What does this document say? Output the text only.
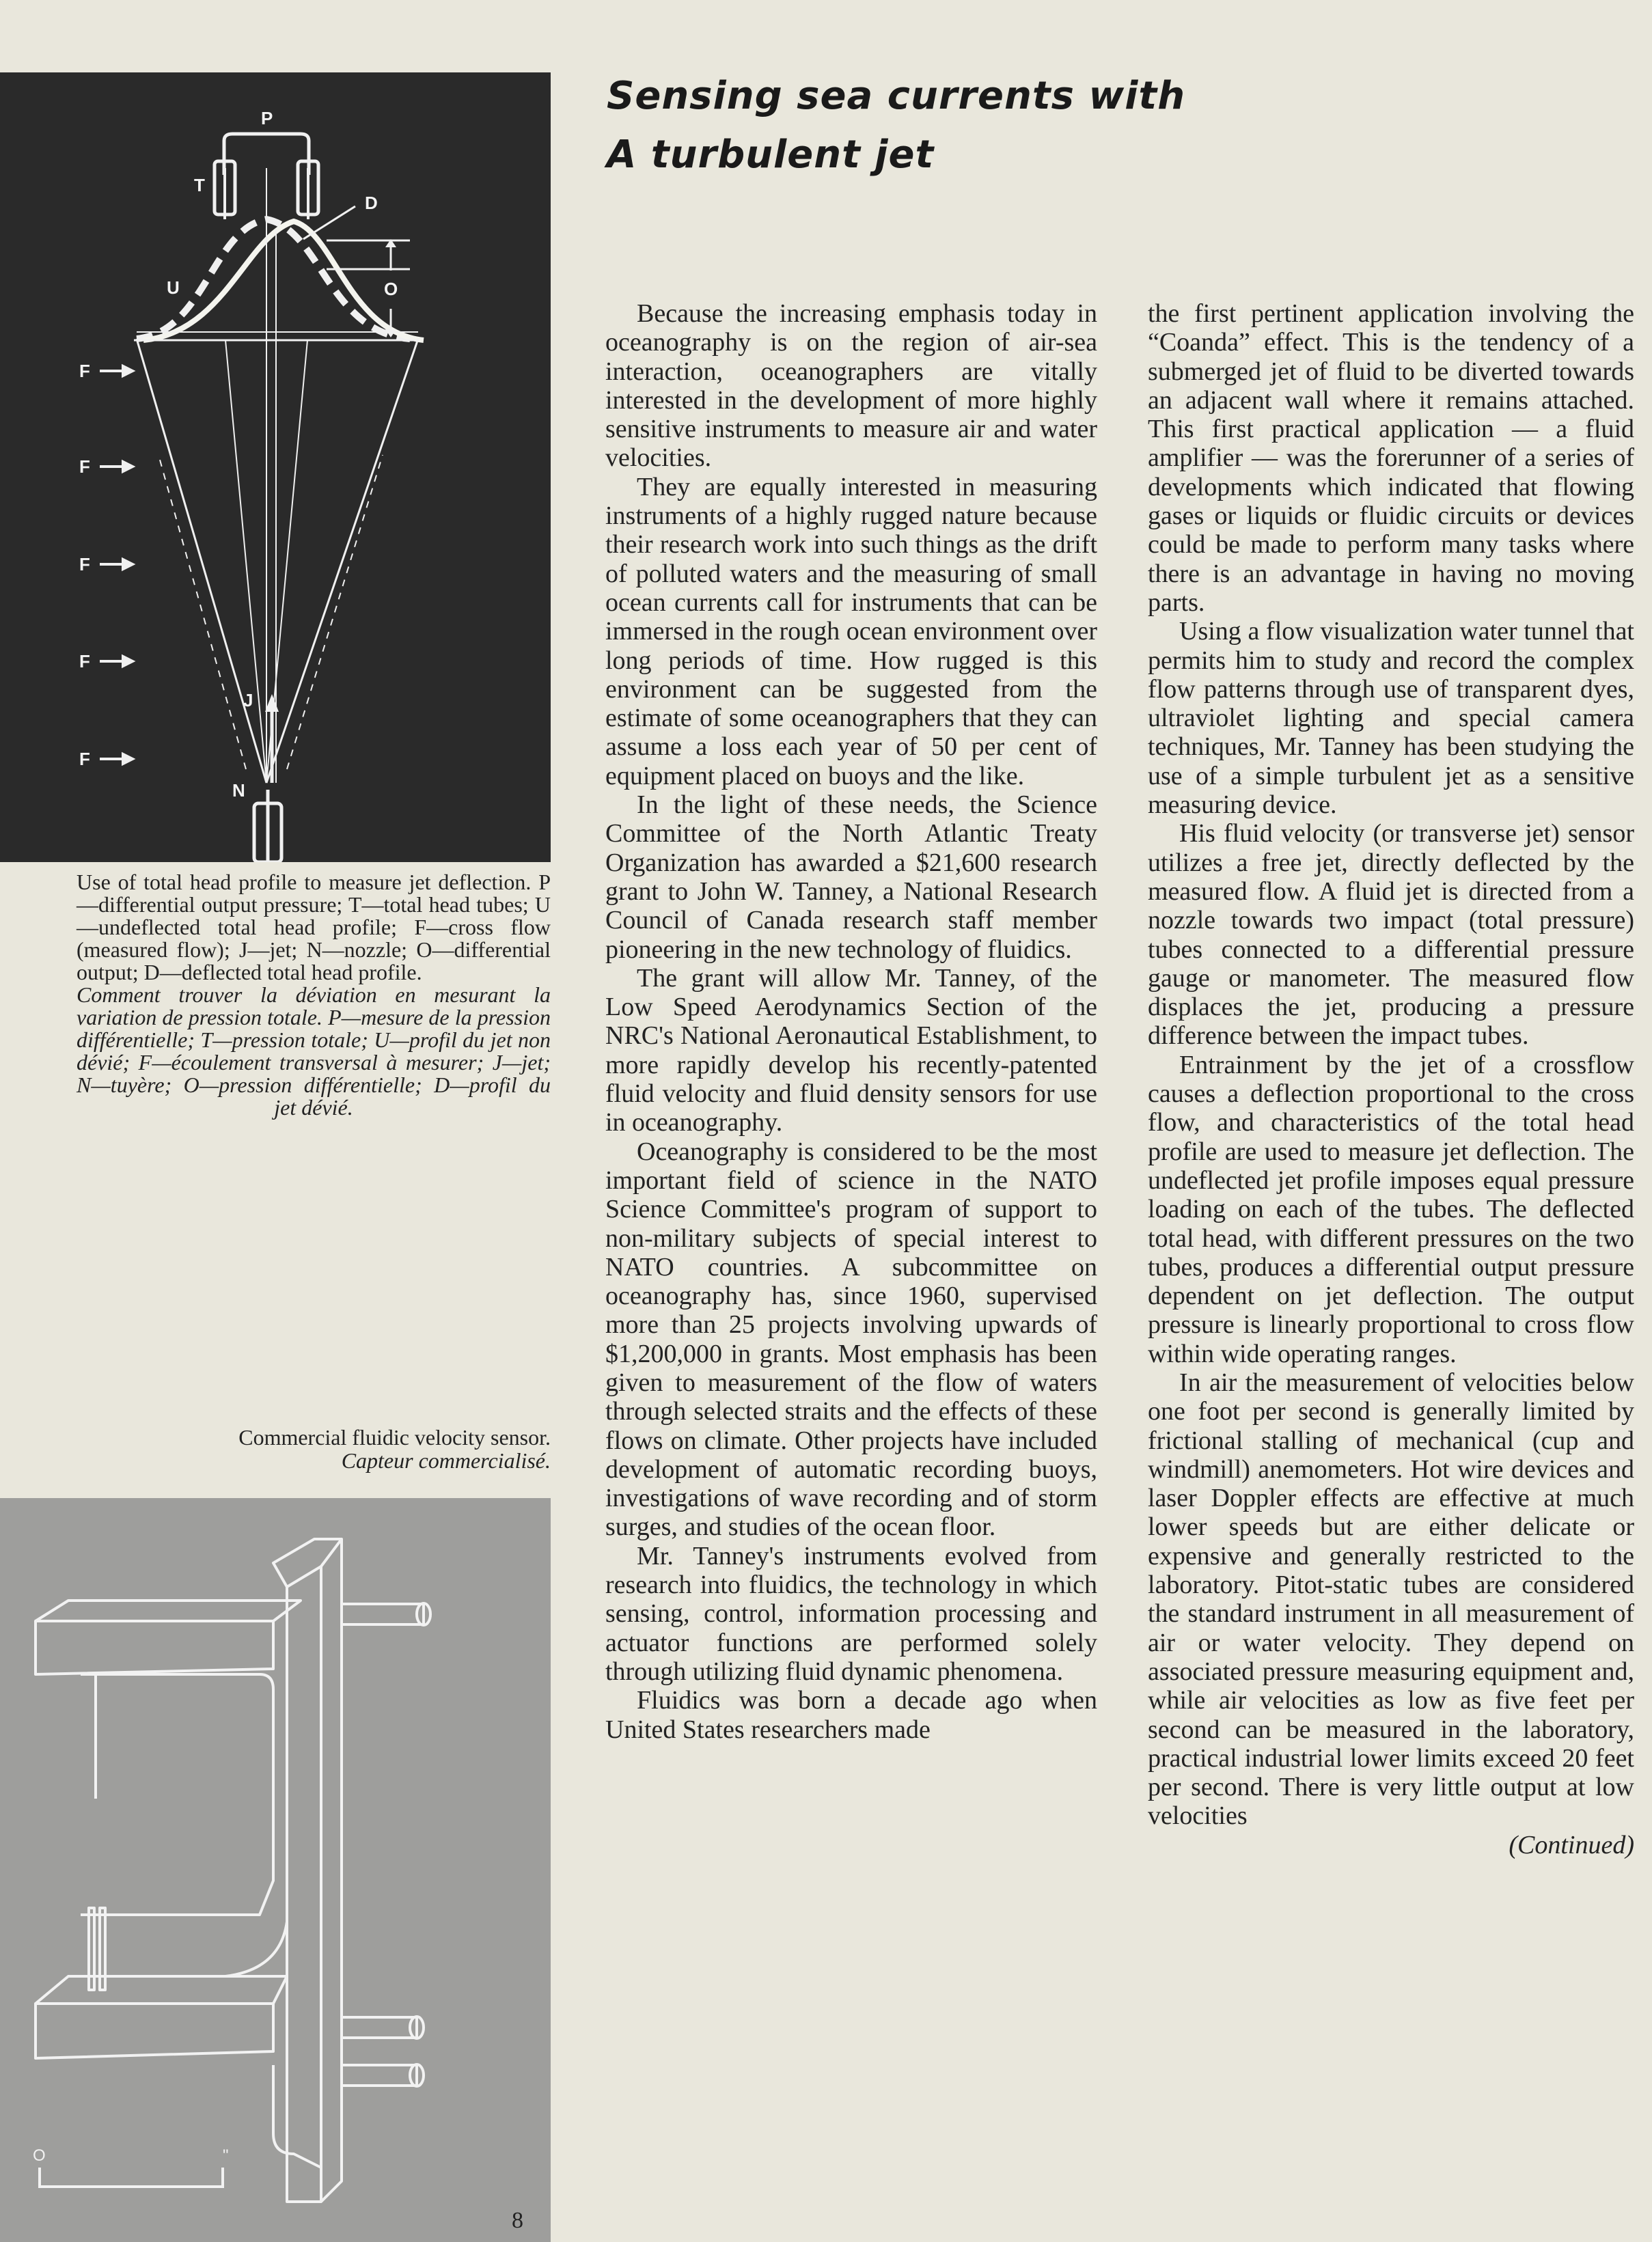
P
T
D
U	O
F
F
F
F
F
J
N

Use of total head profile to measure jet deflection. P—differential output pressure; T—total head tubes; U—undeflected total head profile; F—cross flow (measured flow); J—jet; N—nozzle; O—differential output; D—deflected total head profile.

Comment trouver la déviation en mesurant la variation de pression totale. P—mesure de la pression différentielle; T—pression totale; U—profil du jet non dévié; F—écoulement transversal à mesurer; J—jet; N—tuyère; O—pression différentielle; D—profil du jet dévié.

Commercial fluidic velocity sensor.

Capteur commercialisé.

O	"
8
Sensing sea currents with
A turbulent jet

Because the increasing emphasis today in oceanography is on the region of air-sea interaction, oceanographers are vitally interested in the development of more highly sensitive instruments to measure air and water velocities.

They are equally interested in measuring instruments of a highly rugged nature because their research work into such things as the drift of polluted waters and the measuring of small ocean currents call for instruments that can be immersed in the rough ocean environment over long periods of time. How rugged is this environment can be suggested from the estimate of some oceanographers that they can assume a loss each year of 50 per cent of equipment placed on buoys and the like.

In the light of these needs, the Science Committee of the North Atlantic Treaty Organization has awarded a $21,600 research grant to John W. Tanney, a National Research Council of Canada research staff member pioneering in the new technology of fluidics.

The grant will allow Mr. Tanney, of the Low Speed Aerodynamics Section of the NRC's National Aeronautical Establishment, to more rapidly develop his recently-patented fluid velocity and fluid density sensors for use in oceanography.

Oceanography is considered to be the most important field of science in the NATO Science Committee's program of support to non-military subjects of special interest to NATO countries. A subcommittee on oceanography has, since 1960, supervised more than 25 projects involving upwards of $1,200,000 in grants. Most emphasis has been given to measurement of the flow of waters through selected straits and the effects of these flows on climate. Other projects have included development of automatic recording buoys, investigations of wave recording and of storm surges, and studies of the ocean floor.

Mr. Tanney's instruments evolved from research into fluidics, the technology in which sensing, control, information processing and actuator functions are performed solely through utilizing fluid dynamic phenomena.

Fluidics was born a decade ago when United States researchers made

the first pertinent application involving the “Coanda” effect. This is the tendency of a submerged jet of fluid to be diverted towards an adjacent wall where it remains attached. This first practical application — a fluid amplifier — was the forerunner of a series of developments which indicated that flowing gases or liquids or fluidic circuits or devices could be made to perform many tasks where there is an advantage in having no moving parts.

Using a flow visualization water tunnel that permits him to study and record the complex flow patterns through use of transparent dyes, ultraviolet lighting and special camera techniques, Mr. Tanney has been studying the use of a simple turbulent jet as a sensitive measuring device.

His fluid velocity (or transverse jet) sensor utilizes a free jet, directly deflected by the measured flow. A fluid jet is directed from a nozzle towards two impact (total pressure) tubes connected to a differential pressure gauge or manometer. The measured flow displaces the jet, producing a pressure difference between the impact tubes.

Entrainment by the jet of a crossflow causes a deflection proportional to the cross flow, and characteristics of the total head profile are used to measure jet deflection. The undeflected jet profile imposes equal pressure loading on each of the tubes. The deflected total head, with different pressures on the two tubes, produces a differential output pressure dependent on jet deflection. The output pressure is linearly proportional to cross flow within wide operating ranges.

In air the measurement of velocities below one foot per second is generally limited by frictional stalling of mechanical (cup and windmill) anemometers. Hot wire devices and laser Doppler effects are effective at much lower speeds but are either delicate or expensive and generally restricted to the laboratory. Pitot-static tubes are considered the standard instrument in all measurement of air or water velocity. They depend on associated pressure measuring equipment and, while air velocities as low as five feet per second can be measured in the laboratory, practical industrial lower limits exceed 20 feet per second. There is very little output at low velocities

(Continued)
